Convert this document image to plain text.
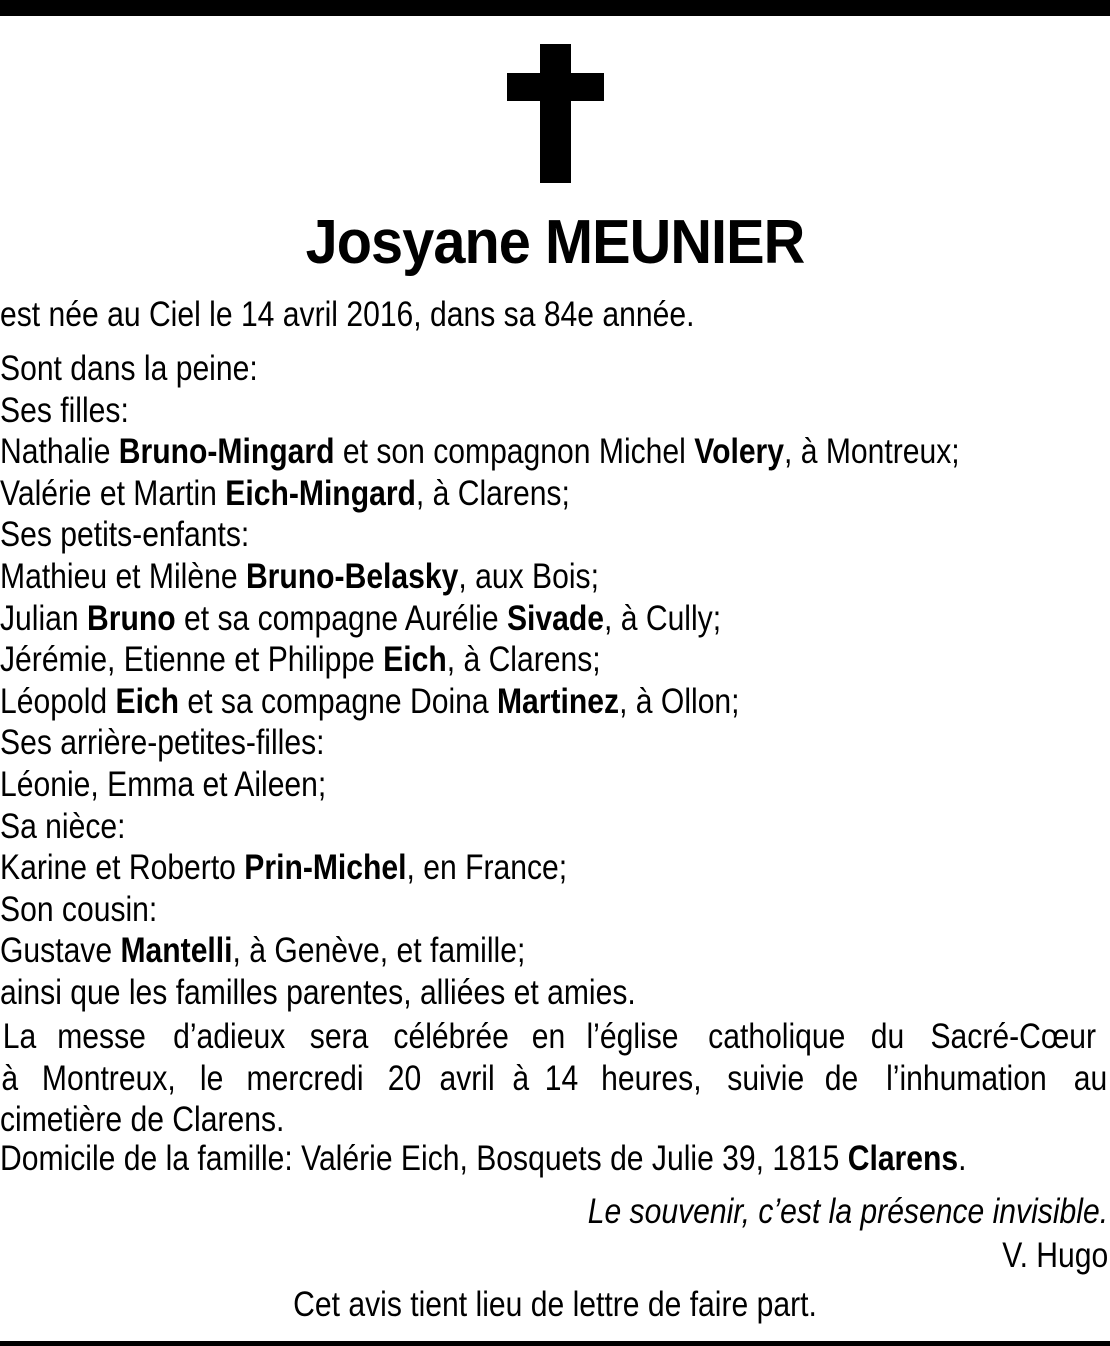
Josyane MEUNIER
est née au Ciel le 14 avril 2016, dans sa 84e année.
Sont dans la peine:
Ses filles:
Nathalie Bruno-Mingard et son compagnon Michel Volery, à Montreux;
Valérie et Martin Eich-Mingard, à Clarens;
Ses petits-enfants:
Mathieu et Milène Bruno-Belasky, aux Bois;
Julian Bruno et sa compagne Aurélie Sivade, à Cully;
Jérémie, Etienne et Philippe Eich, à Clarens;
Léopold Eich et sa compagne Doina Martinez, à Ollon;
Ses arrière-petites-filles:
Léonie, Emma et Aileen;
Sa nièce:
Karine et Roberto Prin-Michel, en France;
Son cousin:
Gustave Mantelli, à Genève, et famille;
ainsi que les familles parentes, alliées et amies.
La messe d’adieux sera célébrée en l’église catholique du Sacré-Cœur
à Montreux, le mercredi 20 avril à 14 heures, suivie de l’inhumation au
cimetière de Clarens.
Domicile de la famille: Valérie Eich, Bosquets de Julie 39, 1815 Clarens.
Le souvenir, c’est la présence invisible.
V. Hugo
Cet avis tient lieu de lettre de faire part.
